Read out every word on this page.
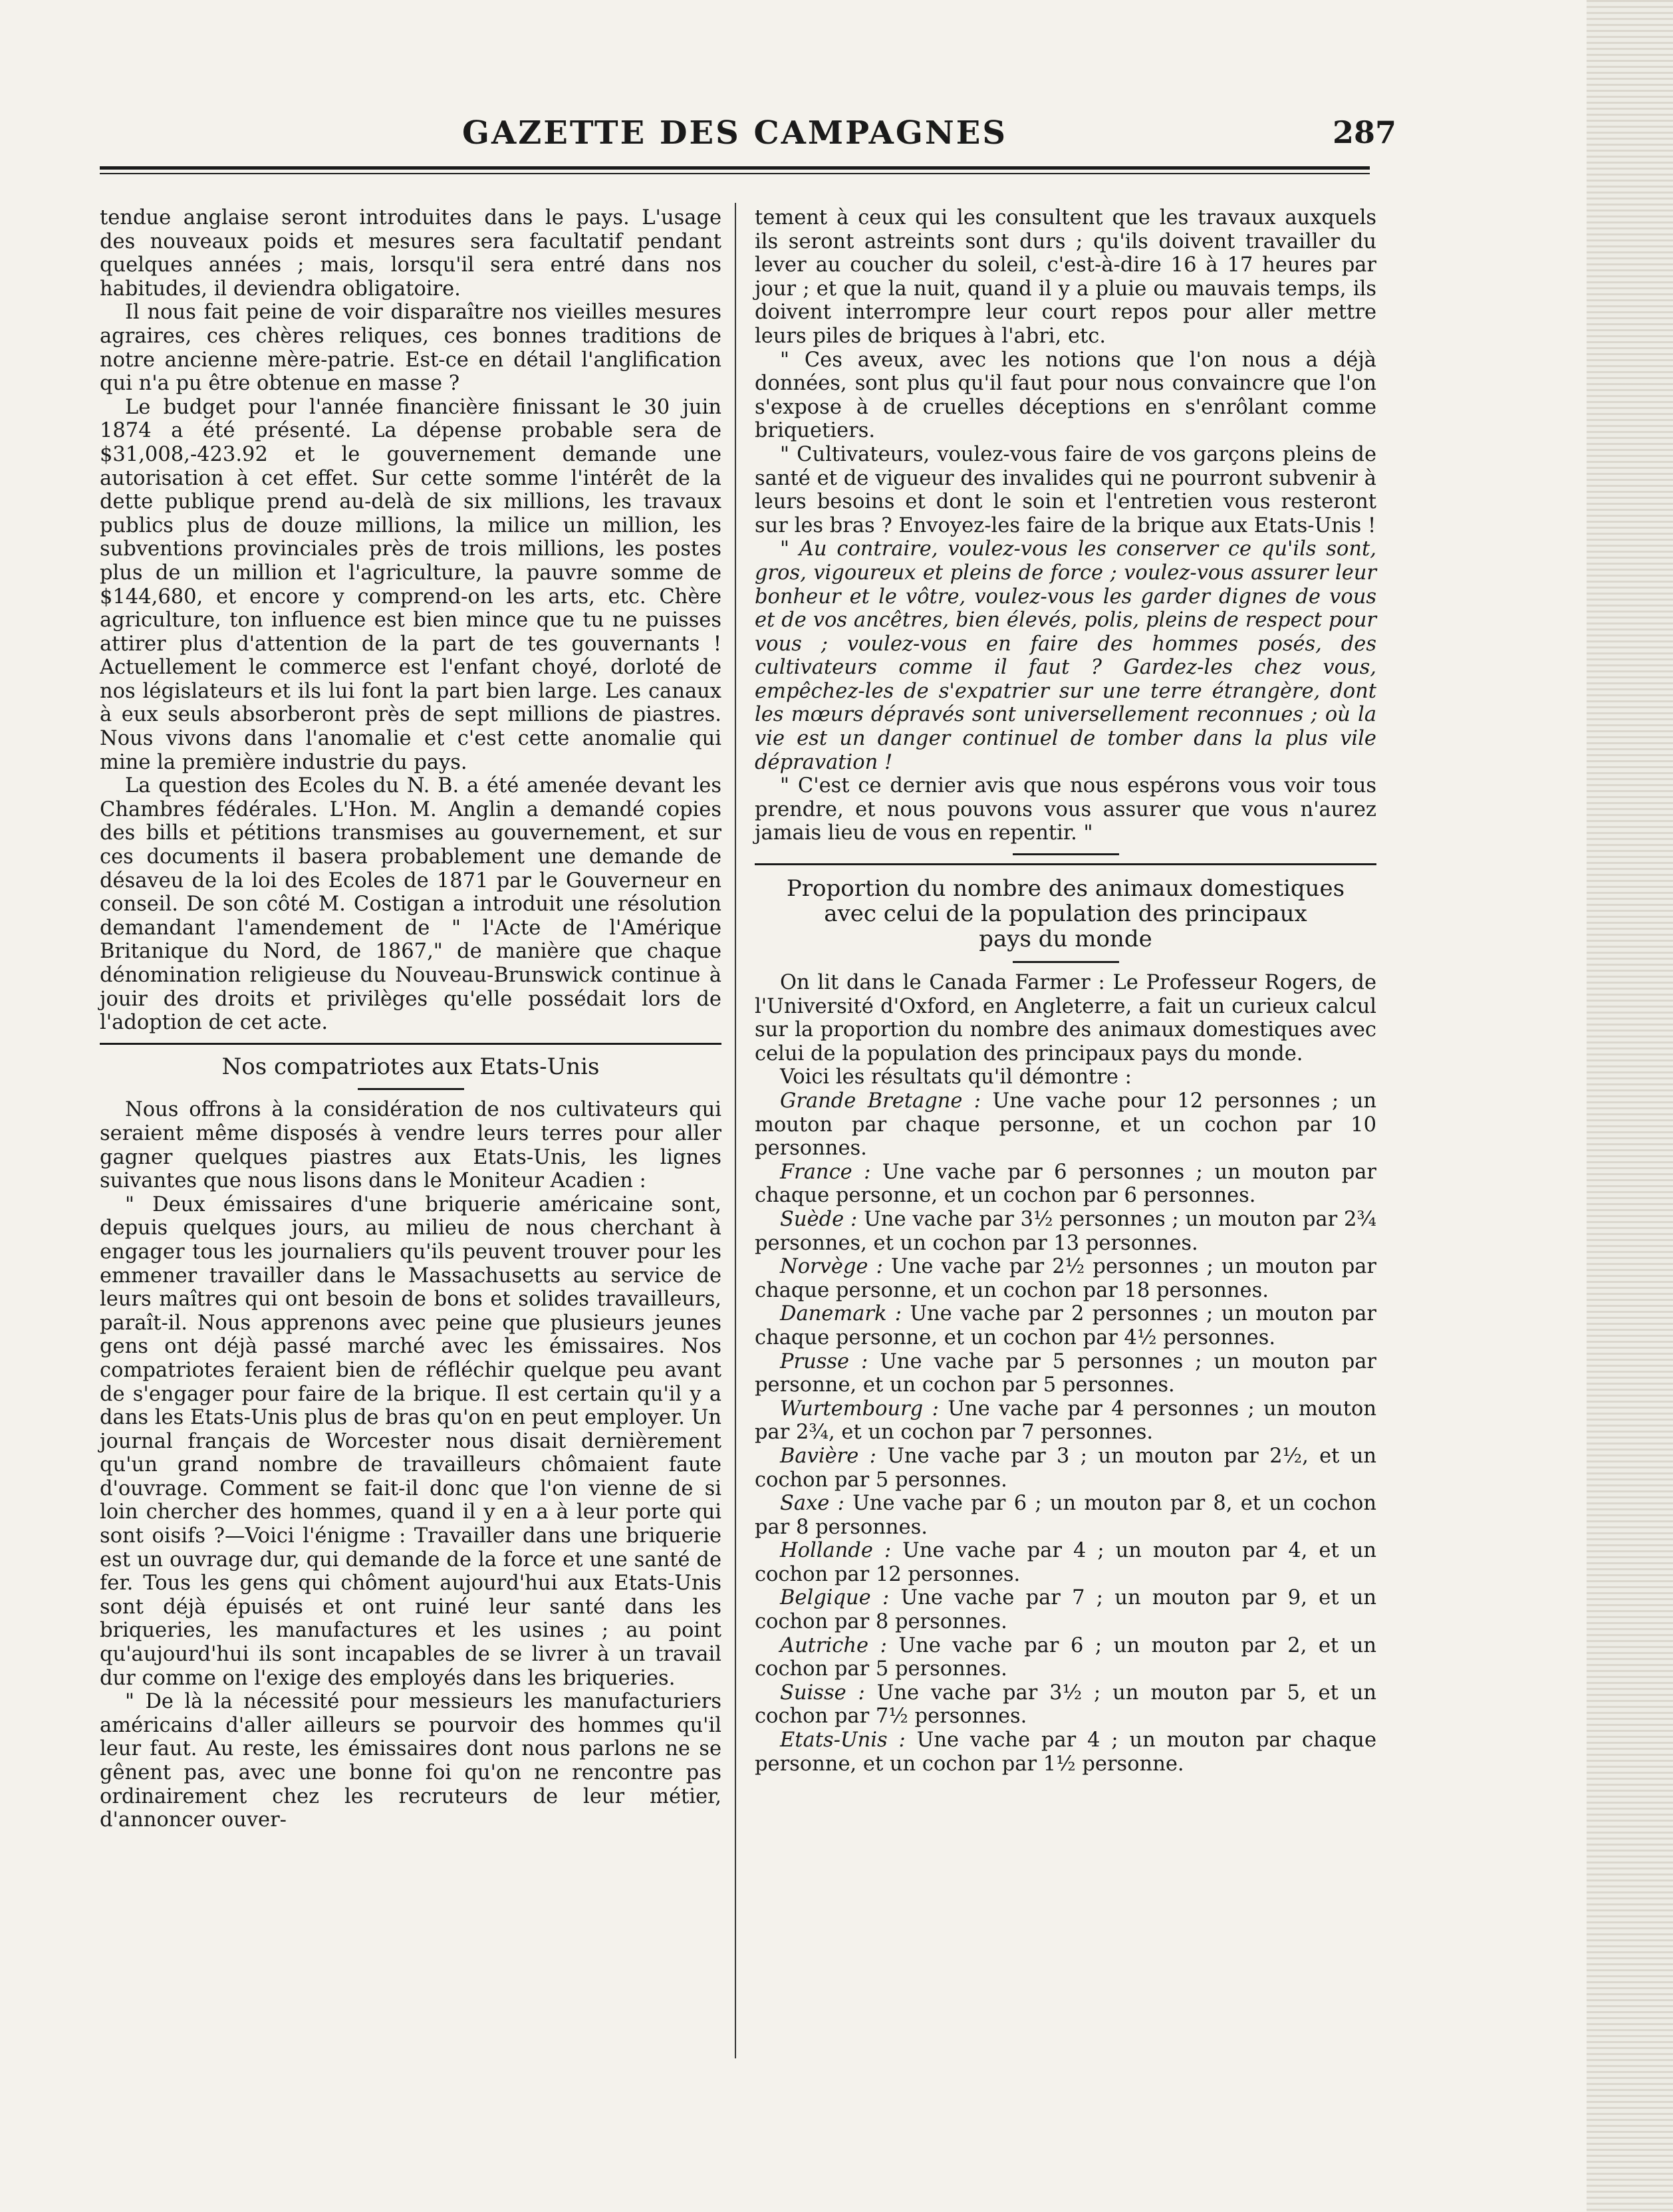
GAZETTE DES CAMPAGNES	287

tendue anglaise seront introduites dans le pays. L'usage des nouveaux poids et mesures sera facultatif pendant quelques années ; mais, lorsqu'il sera entré dans nos habitudes, il deviendra obligatoire.

Il nous fait peine de voir disparaître nos vieilles mesures agraires, ces chères reliques, ces bonnes traditions de notre ancienne mère-patrie. Est-ce en détail l'anglification qui n'a pu être obtenue en masse ?

Le budget pour l'année financière finissant le 30 juin 1874 a été présenté. La dépense probable sera de $31,008,-423.92 et le gouvernement demande une autorisation à cet effet. Sur cette somme l'intérêt de la dette publique prend au-delà de six millions, les travaux publics plus de douze millions, la milice un million, les subventions provinciales près de trois millions, les postes plus de un million et l'agriculture, la pauvre somme de $144,680, et encore y comprend-on les arts, etc. Chère agriculture, ton influence est bien mince que tu ne puisses attirer plus d'attention de la part de tes gouvernants ! Actuellement le commerce est l'enfant choyé, dorloté de nos législateurs et ils lui font la part bien large. Les canaux à eux seuls absorberont près de sept millions de piastres. Nous vivons dans l'anomalie et c'est cette anomalie qui mine la première industrie du pays.

La question des Ecoles du N. B. a été amenée devant les Chambres fédérales. L'Hon. M. Anglin a demandé copies des bills et pétitions transmises au gouvernement, et sur ces documents il basera probablement une demande de désaveu de la loi des Ecoles de 1871 par le Gouverneur en conseil. De son côté M. Costigan a introduit une résolution demandant l'amendement de " l'Acte de l'Amérique Britanique du Nord, de 1867," de manière que chaque dénomination religieuse du Nouveau-Brunswick continue à jouir des droits et privilèges qu'elle possédait lors de l'adoption de cet acte.

Nos compatriotes aux Etats-Unis

Nous offrons à la considération de nos cultivateurs qui seraient même disposés à vendre leurs terres pour aller gagner quelques piastres aux Etats-Unis, les lignes suivantes que nous lisons dans le Moniteur Acadien :

" Deux émissaires d'une briquerie américaine sont, depuis quelques jours, au milieu de nous cherchant à engager tous les journaliers qu'ils peuvent trouver pour les emmener travailler dans le Massachusetts au service de leurs maîtres qui ont besoin de bons et solides travailleurs, paraît-il. Nous apprenons avec peine que plusieurs jeunes gens ont déjà passé marché avec les émissaires. Nos compatriotes feraient bien de réfléchir quelque peu avant de s'engager pour faire de la brique. Il est certain qu'il y a dans les Etats-Unis plus de bras qu'on en peut employer. Un journal français de Worcester nous disait dernièrement qu'un grand nombre de travailleurs chômaient faute d'ouvrage. Comment se fait-il donc que l'on vienne de si loin chercher des hommes, quand il y en a à leur porte qui sont oisifs ?—Voici l'énigme : Travailler dans une briquerie est un ouvrage dur, qui demande de la force et une santé de fer. Tous les gens qui chôment aujourd'hui aux Etats-Unis sont déjà épuisés et ont ruiné leur santé dans les briqueries, les manufactures et les usines ; au point qu'aujourd'hui ils sont incapables de se livrer à un travail dur comme on l'exige des employés dans les briqueries.

" De là la nécessité pour messieurs les manufacturiers américains d'aller ailleurs se pourvoir des hommes qu'il leur faut. Au reste, les émissaires dont nous parlons ne se gênent pas, avec une bonne foi qu'on ne rencontre pas ordinairement chez les recruteurs de leur métier, d'annoncer ouver-

tement à ceux qui les consultent que les travaux auxquels ils seront astreints sont durs ; qu'ils doivent travailler du lever au coucher du soleil, c'est-à-dire 16 à 17 heures par jour ; et que la nuit, quand il y a pluie ou mauvais temps, ils doivent interrompre leur court repos pour aller mettre leurs piles de briques à l'abri, etc.

" Ces aveux, avec les notions que l'on nous a déjà données, sont plus qu'il faut pour nous convaincre que l'on s'expose à de cruelles déceptions en s'enrôlant comme briquetiers.

" Cultivateurs, voulez-vous faire de vos garçons pleins de santé et de vigueur des invalides qui ne pourront subvenir à leurs besoins et dont le soin et l'entretien vous resteront sur les bras ? Envoyez-les faire de la brique aux Etats-Unis !

" Au contraire, voulez-vous les conserver ce qu'ils sont, gros, vigoureux et pleins de force ; voulez-vous assurer leur bonheur et le vôtre, voulez-vous les garder dignes de vous et de vos ancêtres, bien élevés, polis, pleins de respect pour vous ; voulez-vous en faire des hommes posés, des cultivateurs comme il faut ? Gardez-les chez vous, empêchez-les de s'expatrier sur une terre étrangère, dont les mœurs dépravés sont universellement reconnues ; où la vie est un danger continuel de tomber dans la plus vile dépravation !

" C'est ce dernier avis que nous espérons vous voir tous prendre, et nous pouvons vous assurer que vous n'aurez jamais lieu de vous en repentir. "

Proportion du nombre des animaux domestiques
avec celui de la population des principaux
pays du monde

On lit dans le Canada Farmer : Le Professeur Rogers, de l'Université d'Oxford, en Angleterre, a fait un curieux calcul sur la proportion du nombre des animaux domestiques avec celui de la population des principaux pays du monde.

Voici les résultats qu'il démontre :

Grande Bretagne : Une vache pour 12 personnes ; un mouton par chaque personne, et un cochon par 10 personnes.

France : Une vache par 6 personnes ; un mouton par chaque personne, et un cochon par 6 personnes.

Suède : Une vache par 3½ personnes ; un mouton par 2¾ personnes, et un cochon par 13 personnes.

Norvège : Une vache par 2½ personnes ; un mouton par chaque personne, et un cochon par 18 personnes.

Danemark : Une vache par 2 personnes ; un mouton par chaque personne, et un cochon par 4½ personnes.

Prusse : Une vache par 5 personnes ; un mouton par personne, et un cochon par 5 personnes.

Wurtembourg : Une vache par 4 personnes ; un mouton par 2¾, et un cochon par 7 personnes.

Bavière : Une vache par 3 ; un mouton par 2½, et un cochon par 5 personnes.

Saxe : Une vache par 6 ; un mouton par 8, et un cochon par 8 personnes.

Hollande : Une vache par 4 ; un mouton par 4, et un cochon par 12 personnes.

Belgique : Une vache par 7 ; un mouton par 9, et un cochon par 8 personnes.

Autriche : Une vache par 6 ; un mouton par 2, et un cochon par 5 personnes.

Suisse : Une vache par 3½ ; un mouton par 5, et un cochon par 7½ personnes.

Etats-Unis : Une vache par 4 ; un mouton par chaque personne, et un cochon par 1½ personne.
